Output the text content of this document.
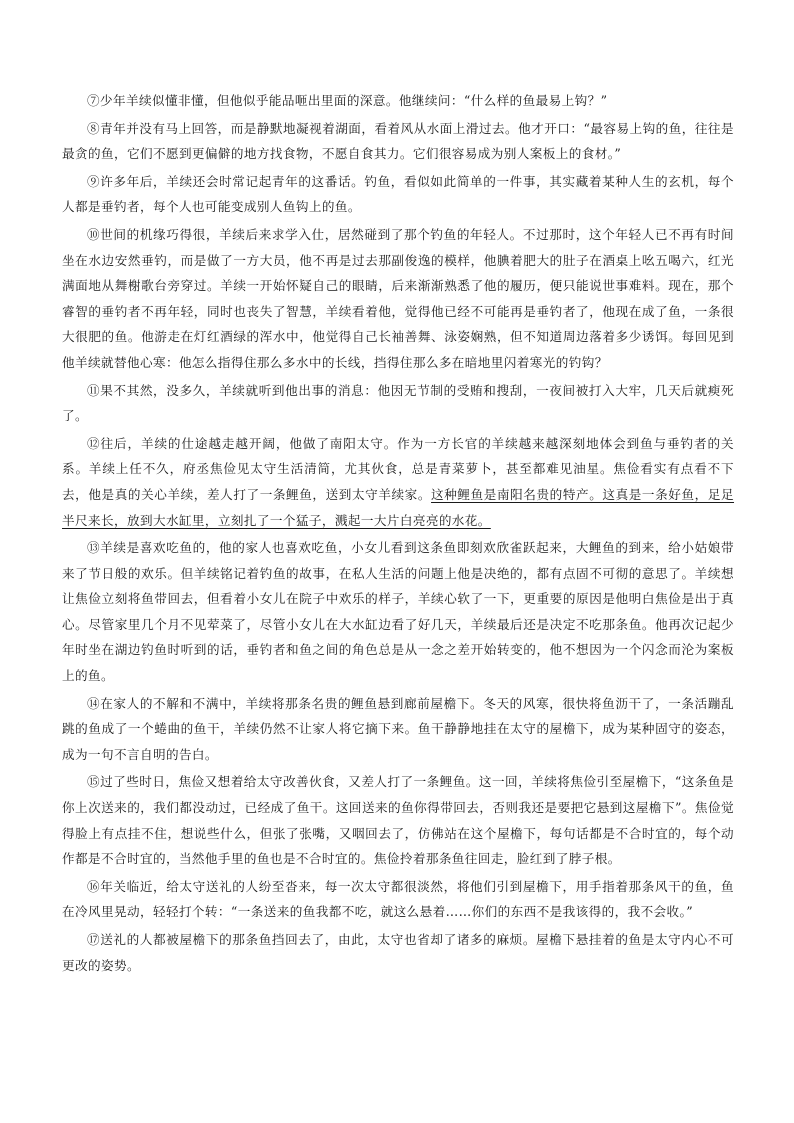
⑦少年羊续似懂非懂，但他似乎能品咂出里面的深意。他继续问：“什么样的鱼最易上钩？”

⑧青年并没有马上回答，而是静默地凝视着湖面，看着风从水面上滑过去。他才开口：“最容易上钩的鱼，往往是最贪的鱼，它们不愿到更偏僻的地方找食物，不愿自食其力。它们很容易成为别人案板上的食材。”

⑨许多年后，羊续还会时常记起青年的这番话。钓鱼，看似如此简单的一件事，其实藏着某种人生的玄机，每个人都是垂钓者，每个人也可能变成别人鱼钩上的鱼。

⑩世间的机缘巧得很，羊续后来求学入仕，居然碰到了那个钓鱼的年轻人。不过那时，这个年轻人已不再有时间坐在水边安然垂钓，而是做了一方大员，他不再是过去那副俊逸的模样，他腆着肥大的肚子在酒桌上吆五喝六，红光满面地从舞榭歌台旁穿过。羊续一开始怀疑自己的眼睛，后来渐渐熟悉了他的履历，便只能说世事难料。现在，那个睿智的垂钓者不再年轻，同时也丧失了智慧，羊续看着他，觉得他已经不可能再是垂钓者了，他现在成了鱼，一条很大很肥的鱼。他游走在灯红酒绿的浑水中，他觉得自己长袖善舞、泳姿娴熟，但不知道周边落着多少诱饵。每回见到他羊续就替他心寒：他怎么指得住那么多水中的长线，挡得住那么多在暗地里闪着寒光的钓钩？

⑪果不其然，没多久，羊续就听到他出事的消息：他因无节制的受贿和搜刮，一夜间被打入大牢，几天后就瘐死了。

⑫往后，羊续的仕途越走越开阔，他做了南阳太守。作为一方长官的羊续越来越深刻地体会到鱼与垂钓者的关系。羊续上任不久，府丞焦俭见太守生活清简，尤其伙食，总是青菜萝卜，甚至都难见油星。焦俭看实有点看不下去，他是真的关心羊续，差人打了一条鲤鱼，送到太守羊续家。这种鲤鱼是南阳名贵的特产。这真是一条好鱼，足足半尺来长，放到大水缸里，立刻扎了一个猛子，溅起一大片白亮亮的水花。

⑬羊续是喜欢吃鱼的，他的家人也喜欢吃鱼，小女儿看到这条鱼即刻欢欣雀跃起来，大鲤鱼的到来，给小姑娘带来了节日般的欢乐。但羊续铭记着钓鱼的故事，在私人生活的问题上他是决绝的，都有点固不可彻的意思了。羊续想让焦俭立刻将鱼带回去，但看着小女儿在院子中欢乐的样子，羊续心软了一下，更重要的原因是他明白焦俭是出于真心。尽管家里几个月不见荤菜了，尽管小女儿在大水缸边看了好几天，羊续最后还是决定不吃那条鱼。他再次记起少年时坐在湖边钓鱼时听到的话，垂钓者和鱼之间的角色总是从一念之差开始转变的，他不想因为一个闪念而沦为案板上的鱼。

⑭在家人的不解和不满中，羊续将那条名贵的鲤鱼悬到廊前屋檐下。冬天的风寒，很快将鱼沥干了，一条活蹦乱跳的鱼成了一个蜷曲的鱼干，羊续仍然不让家人将它摘下来。鱼干静静地挂在太守的屋檐下，成为某种固守的姿态，成为一句不言自明的告白。

⑮过了些时日，焦俭又想着给太守改善伙食，又差人打了一条鲤鱼。这一回，羊续将焦俭引至屋檐下，“这条鱼是你上次送来的，我们都没动过，已经成了鱼干。这回送来的鱼你得带回去，否则我还是要把它悬到这屋檐下”。焦俭觉得脸上有点挂不住，想说些什么，但张了张嘴，又咽回去了，仿佛站在这个屋檐下，每句话都是不合时宜的，每个动作都是不合时宜的，当然他手里的鱼也是不合时宜的。焦俭拎着那条鱼往回走，脸红到了脖子根。

⑯年关临近，给太守送礼的人纷至沓来，每一次太守都很淡然，将他们引到屋檐下，用手指着那条风干的鱼，鱼在冷风里晃动，轻轻打个转：“一条送来的鱼我都不吃，就这么悬着……你们的东西不是我该得的，我不会收。”

⑰送礼的人都被屋檐下的那条鱼挡回去了，由此，太守也省却了诸多的麻烦。屋檐下悬挂着的鱼是太守内心不可更改的姿势。
